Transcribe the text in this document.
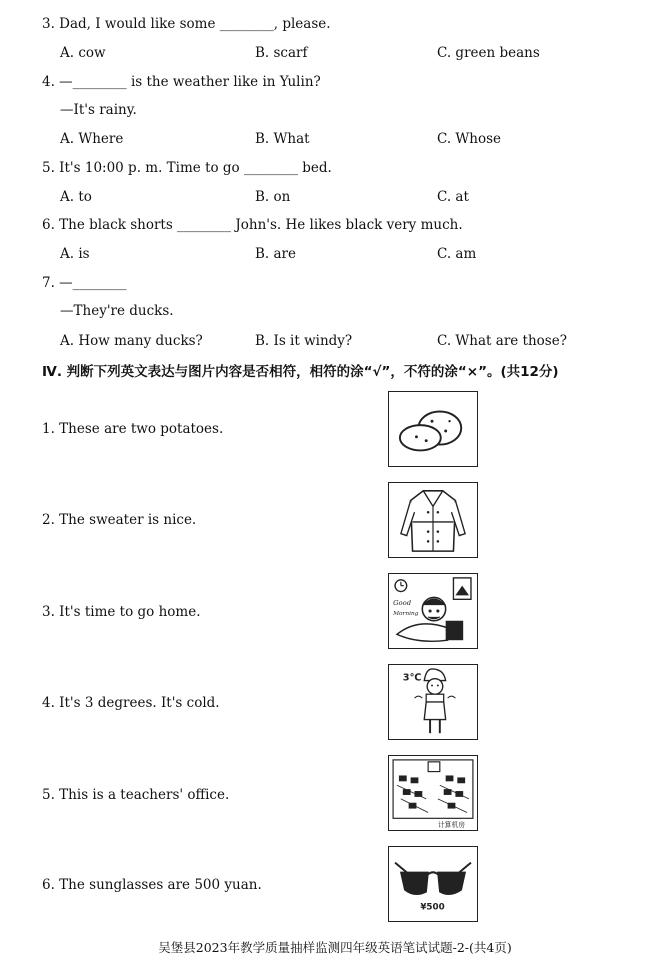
3. Dad, I would like some ________, please.
A. cow	B. scarf	C. green beans
4. —________ is the weather like in Yulin?
—It's rainy.
A. Where	B. What	C. Whose
5. It's 10:00 p. m. Time to go ________ bed.
A. to	B. on	C. at
6. The black shorts ________ John's. He likes black very much.
A. is	B. are	C. am
7. —________
—They're ducks.
A. How many ducks?	B. Is it windy?	C. What are those?
Ⅳ. 判断下列英文表达与图片内容是否相符，相符的涂“√”，不符的涂“×”。(共12分)
1. These are two potatoes.
2. The sweater is nice.
3. It's time to go home.
Good
Morning
4. It's 3 degrees. It's cold.
3℃
5. This is a teachers' office.
计算机房
6. The sunglasses are 500 yuan.
¥500
吴堡县2023年教学质量抽样监测四年级英语笔试试题-2-(共4页)
